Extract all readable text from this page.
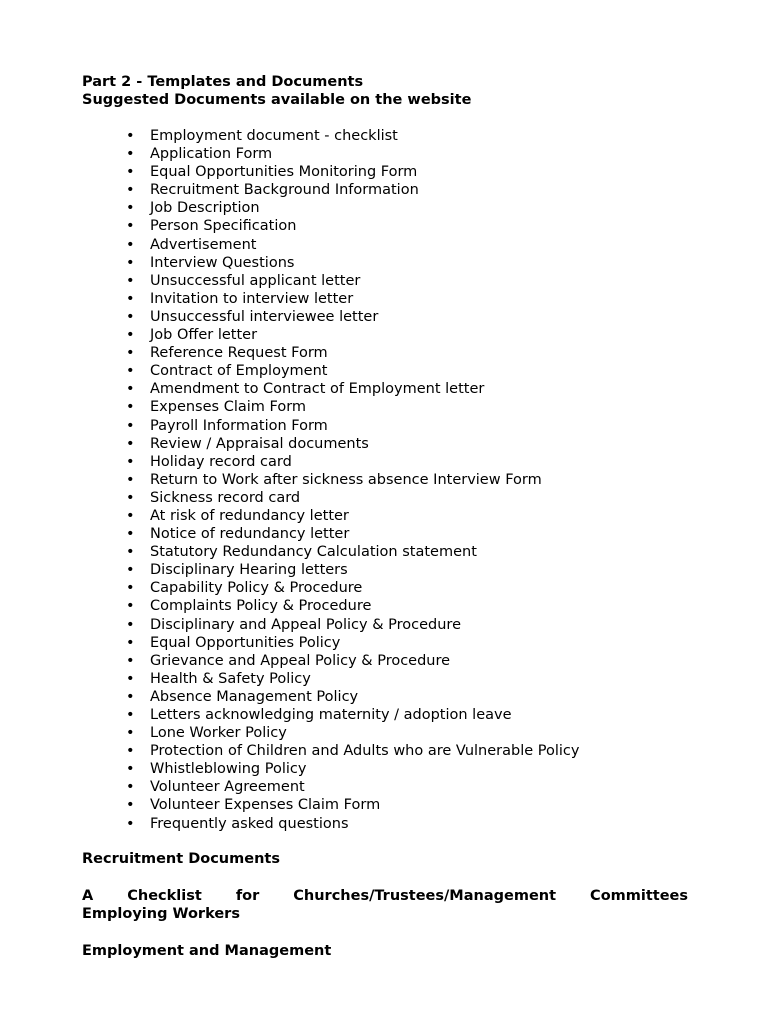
Part 2 - Templates and Documents

Suggested Documents available on the website

• Employment document - checklist
• Application Form
• Equal Opportunities Monitoring Form
• Recruitment Background Information
• Job Description
• Person Specification
• Advertisement
• Interview Questions
• Unsuccessful applicant letter
• Invitation to interview letter
• Unsuccessful interviewee letter
• Job Offer letter
• Reference Request Form
• Contract of Employment
• Amendment to Contract of Employment letter
• Expenses Claim Form
• Payroll Information Form
• Review / Appraisal documents
• Holiday record card
• Return to Work after sickness absence Interview Form
• Sickness record card
• At risk of redundancy letter
• Notice of redundancy letter
• Statutory Redundancy Calculation statement
• Disciplinary Hearing letters
• Capability Policy & Procedure
• Complaints Policy & Procedure
• Disciplinary and Appeal Policy & Procedure
• Equal Opportunities Policy
• Grievance and Appeal Policy & Procedure
• Health & Safety Policy
• Absence Management Policy
• Letters acknowledging maternity / adoption leave
• Lone Worker Policy
• Protection of Children and Adults who are Vulnerable Policy
• Whistleblowing Policy
• Volunteer Agreement
• Volunteer Expenses Claim Form
• Frequently asked questions

Recruitment Documents

A Checklist for Churches/Trustees/Management Committees
Employing Workers

Employment and Management
